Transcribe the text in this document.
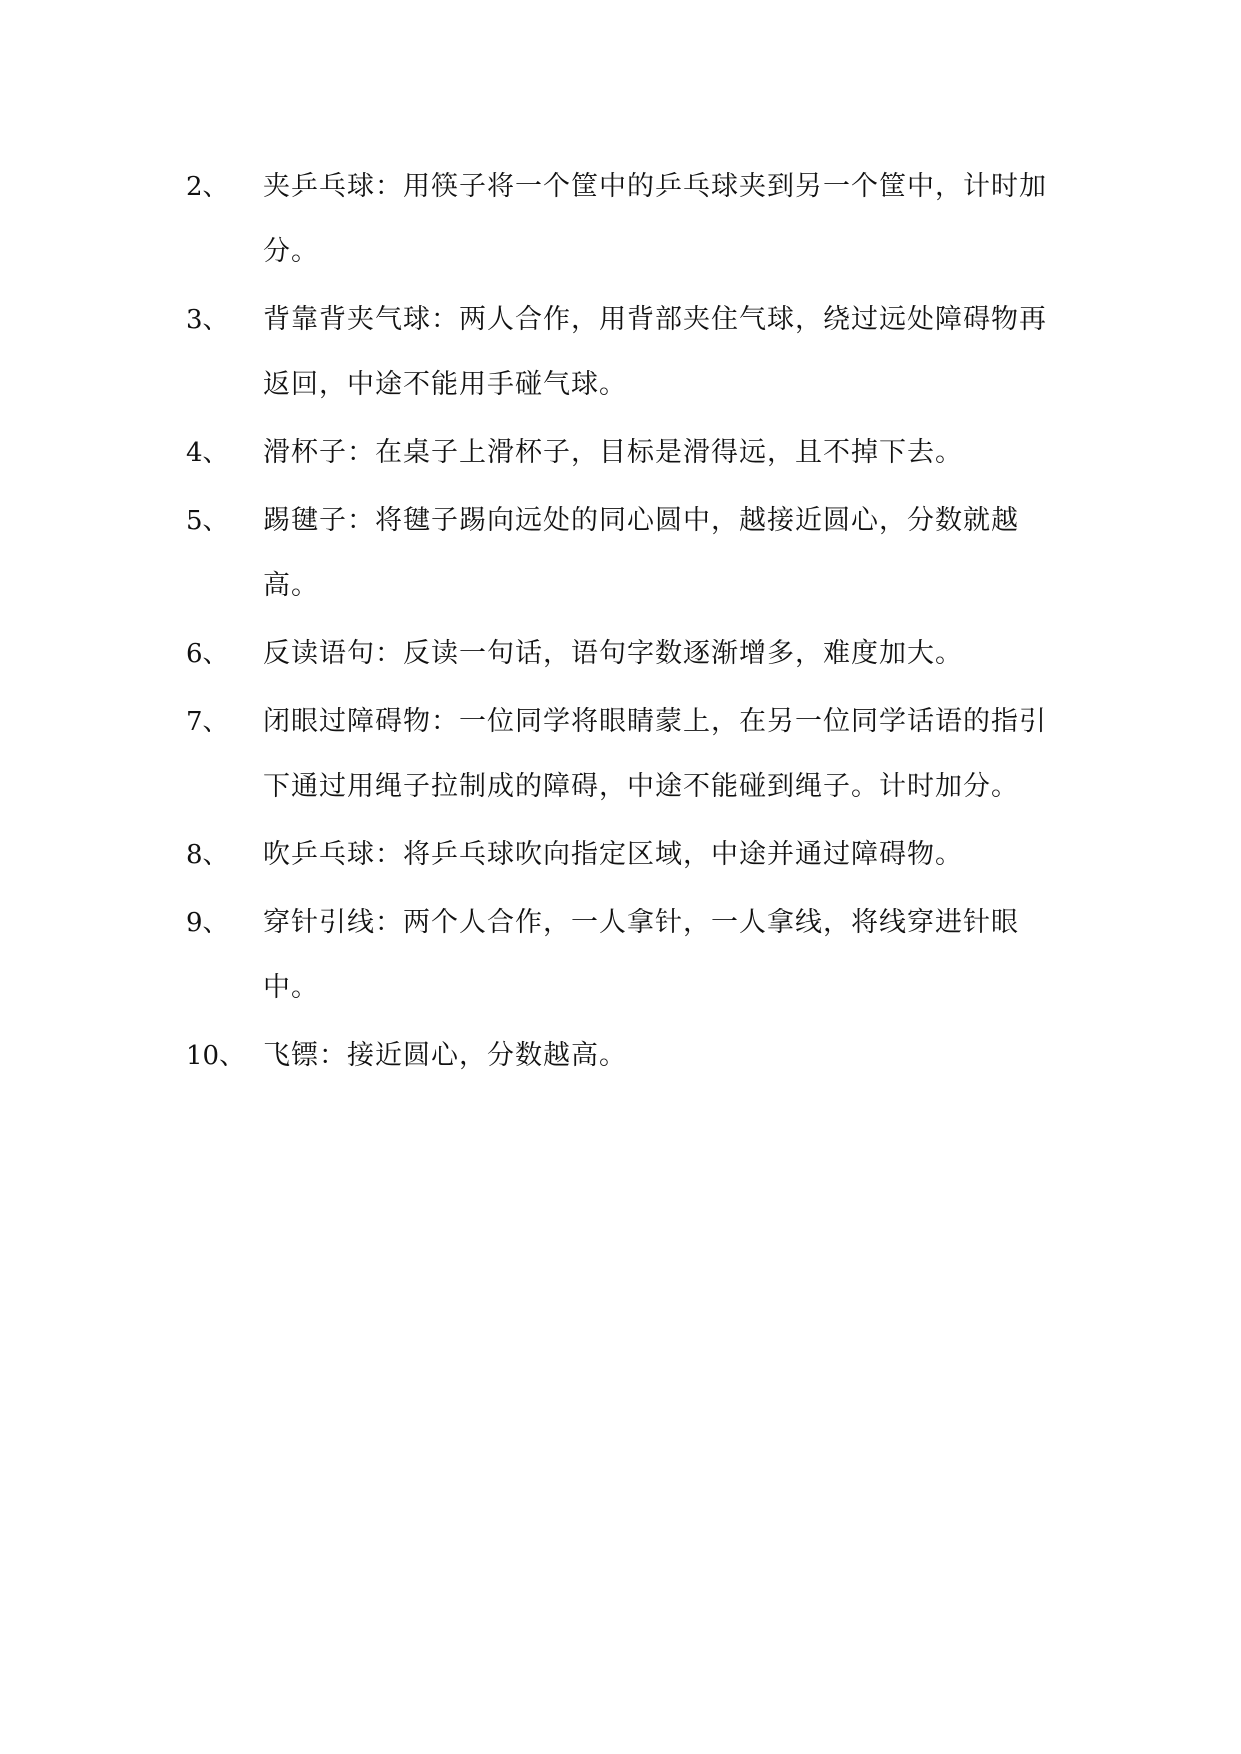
2、	夹乒乓球：用筷子将一个筐中的乒乓球夹到另一个筐中，计时加分。
3、	背靠背夹气球：两人合作，用背部夹住气球，绕过远处障碍物再返回，中途不能用手碰气球。
4、	滑杯子：在桌子上滑杯子，目标是滑得远，且不掉下去。
5、	踢毽子：将毽子踢向远处的同心圆中，越接近圆心，分数就越高。
6、	反读语句：反读一句话，语句字数逐渐增多，难度加大。
7、	闭眼过障碍物：一位同学将眼睛蒙上，在另一位同学话语的指引下通过用绳子拉制成的障碍，中途不能碰到绳子。计时加分。
8、	吹乒乓球：将乒乓球吹向指定区域，中途并通过障碍物。
9、	穿针引线：两个人合作，一人拿针，一人拿线，将线穿进针眼中。
10、 飞镖：接近圆心，分数越高。
